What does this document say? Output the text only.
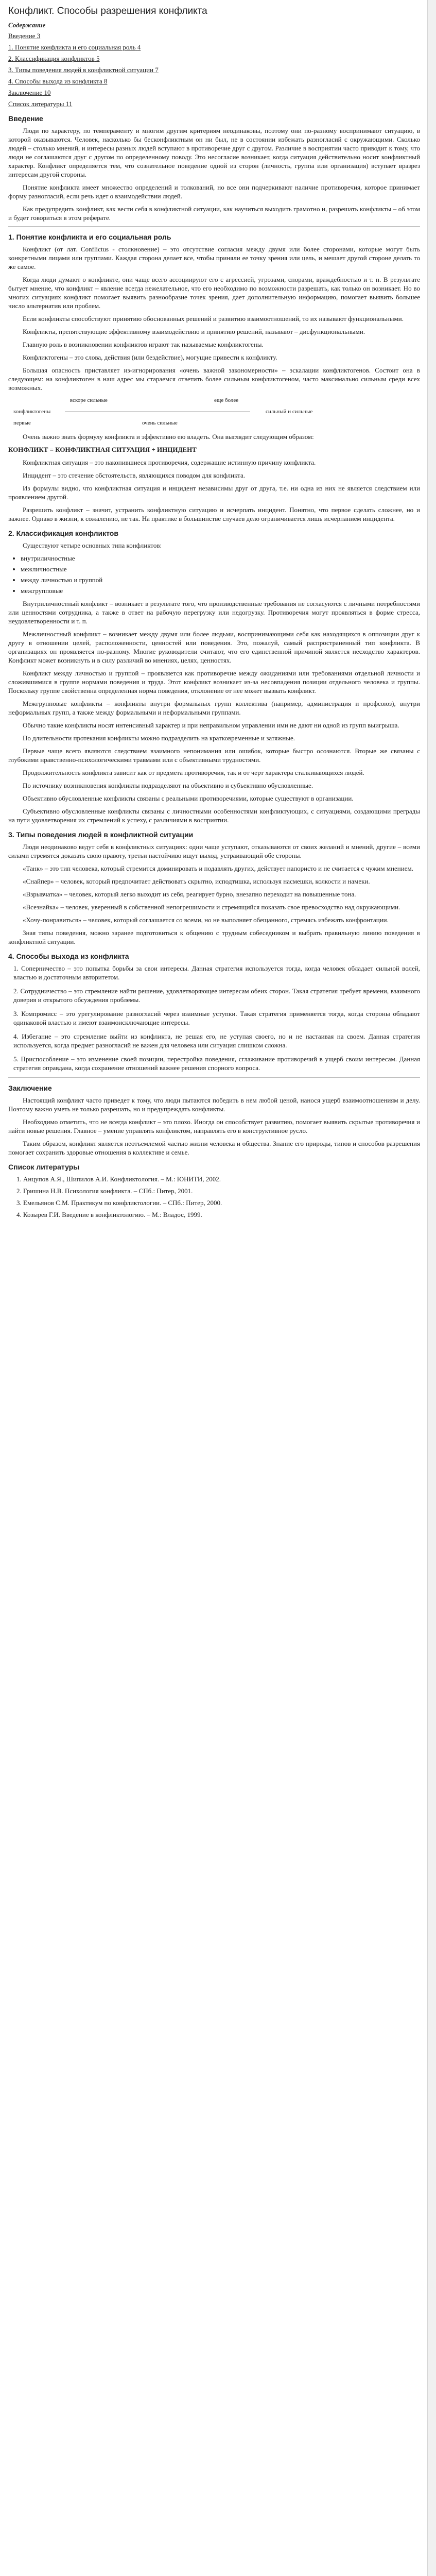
Конфликт. Способы разрешения конфликта
Содержание
Введение 3
1. Понятие конфликта и его социальная роль 4
2. Классификация конфликтов 5
3. Типы поведения людей в конфликтной ситуации 7
4. Способы выхода из конфликта 8
Заключение 10
Список литературы 11
Введение

Люди по характеру, по темпераменту и многим другим критериям неодинаковы, поэтому они по-разному воспринимают ситуацию, в которой оказываются. Человек, насколько бы бесконфликтным он ни был, не в состоянии избежать разногласий с окружающими. Сколько людей – столько мнений, и интересы разных людей вступают в противоречие друг с другом. Различие в восприятии часто приводит к тому, что люди не соглашаются друг с другом по определенному поводу. Это несогласие возникает, когда ситуация действительно носит конфликтный характер. Конфликт определяется тем, что сознательное поведение одной из сторон (личность, группа или организация) вступает вразрез интересам другой стороны.

Понятие конфликта имеет множество определений и толкований, но все они подчеркивают наличие противоречия, которое принимает форму разногласий, если речь идет о взаимодействии людей.

Как предупредить конфликт, как вести себя в конфликтной ситуации, как научиться выходить грамотно и, разрешать конфликты – об этом и будет говориться в этом реферате.

1. Понятие конфликта и его социальная роль

Конфликт (от лат. Conflictus - столкновение) – это отсутствие согласия между двумя или более сторонами, которые могут быть конкретными лицами или группами. Каждая сторона делает все, чтобы приняли ее точку зрения или цель, и мешает другой стороне делать то же самое.

Когда люди думают о конфликте, они чаще всего ассоциируют его с агрессией, угрозами, спорами, враждебностью и т. п. В результате бытует мнение, что конфликт – явление всегда нежелательное, что его необходимо по возможности разрешать, как только он возникает. Но во многих ситуациях конфликт помогает выявить разнообразие точек зрения, дает дополнительную информацию, помогает выявить большее число альтернатив или проблем.

Если конфликты способствуют принятию обоснованных решений и развитию взаимоотношений, то их называют функциональными.

Конфликты, препятствующие эффективному взаимодействию и принятию решений, называют – дисфункциональными.

Главную роль в возникновении конфликтов играют так называемые конфликтогены.

Конфликтогены – это слова, действия (или бездействие), могущие привести к конфликту.

Большая опасность приставляет из-игнорирования «очень важной закономерности» – эскалации конфликтогенов. Состоит она в следующем: на конфликтоген в наш адрес мы стараемся ответить более сильным конфликтогеном, часто максимально сильным среди всех возможных.

вскоре сильные	еще более
сильный и сильные
первые	очень сильные
конфликтогены

Очень важно знать формулу конфликта и эффективно ею владеть. Она выглядит следующим образом:

КОНФЛИКТ = КОНФЛИКТНАЯ СИТУАЦИЯ + ИНЦИДЕНТ

Конфликтная ситуация – это накопившиеся противоречия, содержащие истинную причину конфликта.

Инцидент – это стечение обстоятельств, являющихся поводом для конфликта.

Из формулы видно, что конфликтная ситуация и инцидент независимы друг от друга, т.е. ни одна из них не является следствием или проявлением другой.

Разрешить конфликт – значит, устранить конфликтную ситуацию и исчерпать инцидент. Понятно, что первое сделать сложнее, но и важнее. Однако в жизни, к сожалению, не так. На практике в большинстве случаев дело ограничивается лишь исчерпанием инцидента.

2. Классификация конфликтов

Существуют четыре основных типа конфликтов:

• внутриличностные
• межличностные
• между личностью и группой
• межгрупповые

Внутриличностный конфликт – возникает в результате того, что производственные требования не согласуются с личными потребностями или ценностями сотрудника, а также в ответ на рабочую перегрузку или недогрузку. Противоречия могут проявляться в форме стресса, неудовлетворенности и т. п.

Межличностный конфликт – возникает между двумя или более людьми, воспринимающими себя как находящихся в оппозиции друг к другу в отношении целей, расположенности, ценностей или поведения. Это, пожалуй, самый распространенный тип конфликта. В организациях он проявляется по-разному. Многие руководители считают, что его единственной причиной является несходство характеров. Конфликт может возникнуть и в силу различий во мнениях, целях, ценностях.

Конфликт между личностью и группой – проявляется как противоречие между ожиданиями или требованиями отдельной личности и сложившимися в группе нормами поведения и труда. Этот конфликт возникает из-за несовпадения позиции отдельного человека и группы. Поскольку группе свойственна определенная норма поведения, отклонение от нее может вызвать конфликт.

Межгрупповые конфликты – конфликты внутри формальных групп коллектива (например, администрация и профсоюз), внутри неформальных групп, а также между формальными и неформальными группами.

Обычно такие конфликты носят интенсивный характер и при неправильном управлении ими не дают ни одной из групп выигрыша.

По длительности протекания конфликты можно подразделить на кратковременные и затяжные.

Первые чаще всего являются следствием взаимного непонимания или ошибок, которые быстро осознаются. Вторые же связаны с глубокими нравственно-психологическими травмами или с объективными трудностями.

Продолжительность конфликта зависит как от предмета противоречия, так и от черт характера сталкивающихся людей.

По источнику возникновения конфликты подразделяют на объективно и субъективно обусловленные.

Объективно обусловленные конфликты связаны с реальными противоречиями, которые существуют в организации.

Субъективно обусловленные конфликты связаны с личностными особенностями конфликтующих, с ситуациями, создающими преграды на пути удовлетворения их стремлений к успеху, с различиями в восприятии.

3. Типы поведения людей в конфликтной ситуации

Люди неодинаково ведут себя в конфликтных ситуациях: одни чаще уступают, отказываются от своих желаний и мнений, другие – всеми силами стремятся доказать свою правоту, третьи настойчиво ищут выход, устраивающий обе стороны.

«Танк» – это тип человека, который стремится доминировать и подавлять других, действует напористо и не считается с чужим мнением.

«Снайпер» – человек, который предпочитает действовать скрытно, исподтишка, используя насмешки, колкости и намеки.

«Взрывчатка» – человек, который легко выходит из себя, реагирует бурно, внезапно переходит на повышенные тона.

«Всезнайка» – человек, уверенный в собственной непогрешимости и стремящийся показать свое превосходство над окружающими.

«Хочу-понравиться» – человек, который соглашается со всеми, но не выполняет обещанного, стремясь избежать конфронтации.

Зная типы поведения, можно заранее подготовиться к общению с трудным собеседником и выбрать правильную линию поведения в конфликтной ситуации.

4. Способы выхода из конфликта
1. Соперничество – это попытка борьбы за свои интересы. Данная стратегия используется тогда, когда человек обладает сильной волей, властью и достаточным авторитетом.
2. Сотрудничество – это стремление найти решение, удовлетворяющее интересам обеих сторон. Такая стратегия требует времени, взаимного доверия и открытого обсуждения проблемы.
3. Компромисс – это урегулирование разногласий через взаимные уступки. Такая стратегия применяется тогда, когда стороны обладают одинаковой властью и имеют взаимоисключающие интересы.
4. Избегание – это стремление выйти из конфликта, не решая его, не уступая своего, но и не настаивая на своем. Данная стратегия используется, когда предмет разногласий не важен для человека или ситуация слишком сложна.
5. Приспособление – это изменение своей позиции, перестройка поведения, сглаживание противоречий в ущерб своим интересам. Данная стратегия оправдана, когда сохранение отношений важнее решения спорного вопроса.
Заключение

Настоящий конфликт часто приведет к тому, что люди пытаются победить в нем любой ценой, нанося ущерб взаимоотношениям и делу. Поэтому важно уметь не только разрешать, но и предупреждать конфликты.

Необходимо отметить, что не всегда конфликт – это плохо. Иногда он способствует развитию, помогает выявить скрытые противоречия и найти новые решения. Главное – умение управлять конфликтом, направлять его в конструктивное русло.

Таким образом, конфликт является неотъемлемой частью жизни человека и общества. Знание его природы, типов и способов разрешения помогает сохранить здоровые отношения в коллективе и семье.

Список литературы
1. Анцупов А.Я., Шипилов А.И. Конфликтология. – М.: ЮНИТИ, 2002.
2. Гришина Н.В. Психология конфликта. – СПб.: Питер, 2001.
3. Емельянов С.М. Практикум по конфликтологии. – СПб.: Питер, 2000.
4. Козырев Г.И. Введение в конфликтологию. – М.: Владос, 1999.
